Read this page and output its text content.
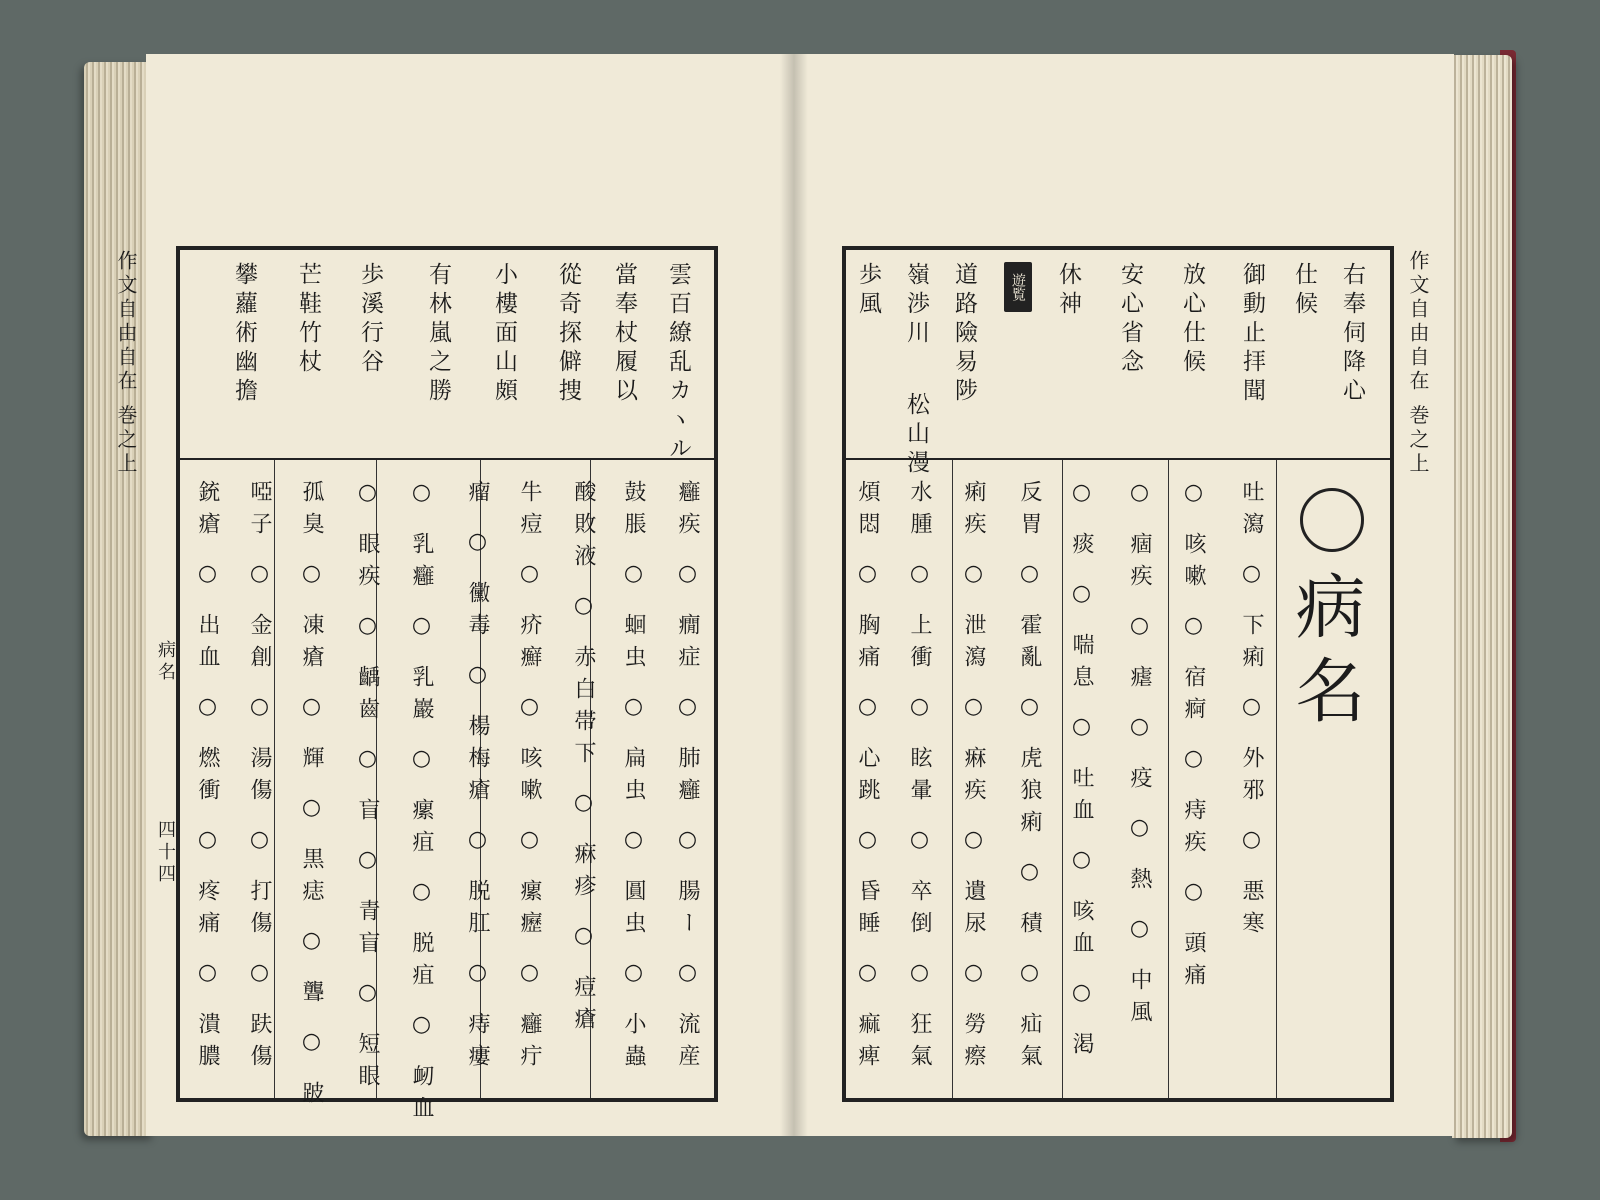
作文自由自在 巻之上
病名
四十四
雲百繚乱カヽル
當奉杖履以
從奇探僻捜
小樓面山頗
有林嵐之勝
歩溪行谷
芒鞋竹杖
攀蘿術幽擔
癰疾 ○ 癇症 ○ 肺癰 ○ 腸ー ○ 流産
鼓脹 ○ 蛔虫 ○ 扁虫 ○ 圓虫 ○ 小蟲
酸敗液 ○ 赤白帯下 ○ 痳疹 ○ 痘瘡
牛痘 ○ 疥癬 ○ 咳嗽 ○ 瘰癧 ○ 癰疔
瘤 ○ 黴毒 ○ 楊梅瘡 ○ 脱肛 ○ 痔瘻
○ 乳癰 ○ 乳巖 ○ 瘰疽 ○ 脱疽 ○ 衂血
○ 眼疾 ○ 齲齒 ○ 盲 ○ 青盲 ○ 短眼
孤臭 ○ 凍瘡 ○ 輝 ○ 黒痣 ○ 聾 ○ 跛
啞子 ○ 金創 ○ 湯傷 ○ 打傷 ○ 趺傷
銃瘡 ○ 出血 ○ 燃衝 ○ 疼痛 ○ 潰膿
作文自由自在 巻之上
右奉伺降心
仕候
御動止拝聞
放心仕候
安心省念
休神
遊覧
道路險易陟
嶺渉川
松山漫
歩風
病名
吐瀉 ○ 下痢 ○ 外邪 ○ 悪寒
○ 咳嗽 ○ 宿痾 ○ 痔疾 ○ 頭痛
○ 痼疾 ○ 瘧 ○ 疫 ○ 熱 ○ 中風
○ 痰 ○ 喘息 ○ 吐血 ○ 咳血 ○ 渇
反胃 ○ 霍亂 ○ 虎狼痢 ○ 積 ○ 疝氣
痢疾 ○ 泄瀉 ○ 痳疾 ○ 遺尿 ○ 勞瘵
水腫 ○ 上衝 ○ 眩暈 ○ 卒倒 ○ 狂氣
煩悶 ○ 胸痛 ○ 心跳 ○ 昏睡 ○ 痲痺
